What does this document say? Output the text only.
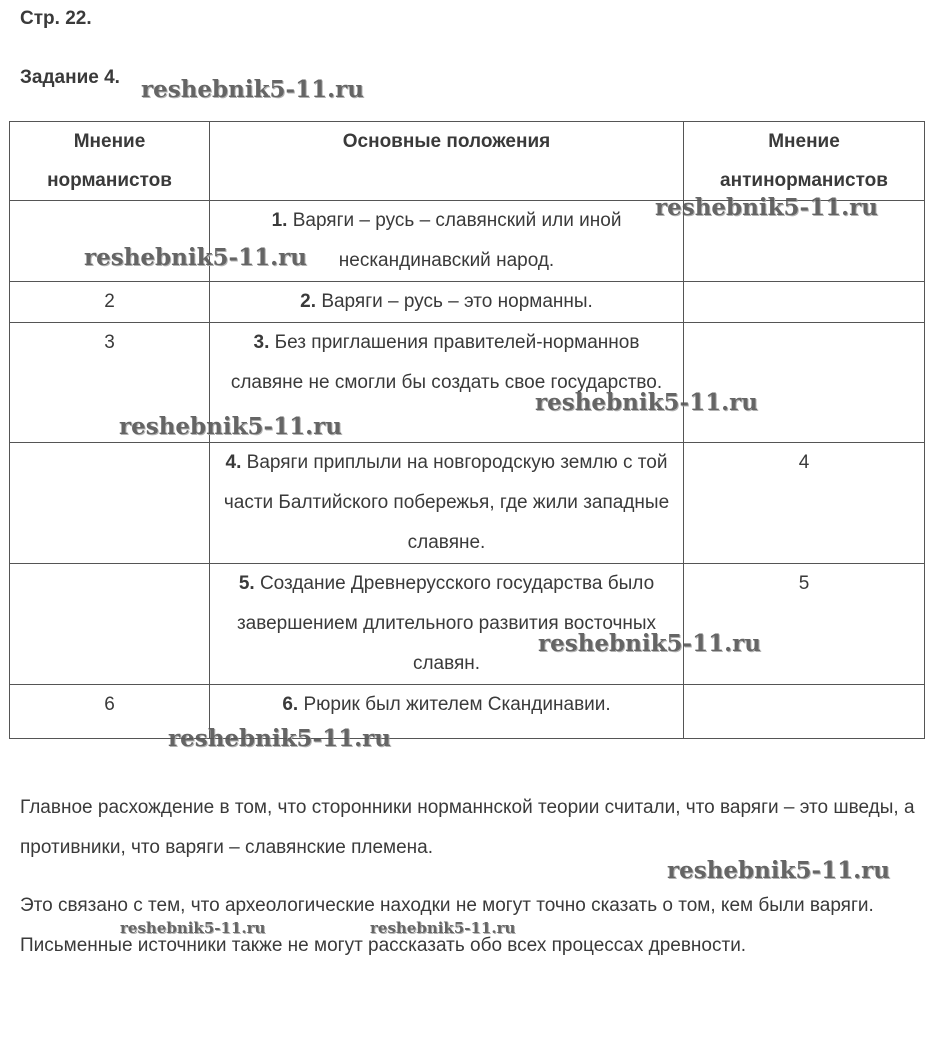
Стр. 22.
Задание 4.
Мнение норманистов	Основные положения	Мнение антинорманистов
	1. Варяги – русь – славянский или иной нескандинавский народ.	
2	2. Варяги – русь – это норманны.	
3	3. Без приглашения правителей-норманнов славяне не смогли бы создать свое государство.	
	4. Варяги приплыли на новгородскую землю с той части Балтийского побережья, где жили западные славяне.	4
	5. Создание Древнерусского государства было завершением длительного развития восточных славян.	5
6	6. Рюрик был жителем Скандинавии.	

Главное расхождение в том, что сторонники норманнской теории считали, что варяги – это шведы, а противники, что варяги – славянские племена.

Это связано с тем, что археологические находки не могут точно сказать о том, кем были варяги. Письменные источники также не могут рассказать обо всех процессах древности.

reshebnik5-11.ru
reshebnik5-11.ru
reshebnik5-11.ru
reshebnik5-11.ru
reshebnik5-11.ru
reshebnik5-11.ru
reshebnik5-11.ru
reshebnik5-11.ru
reshebnik5-11.ru	reshebnik5-11.ru
